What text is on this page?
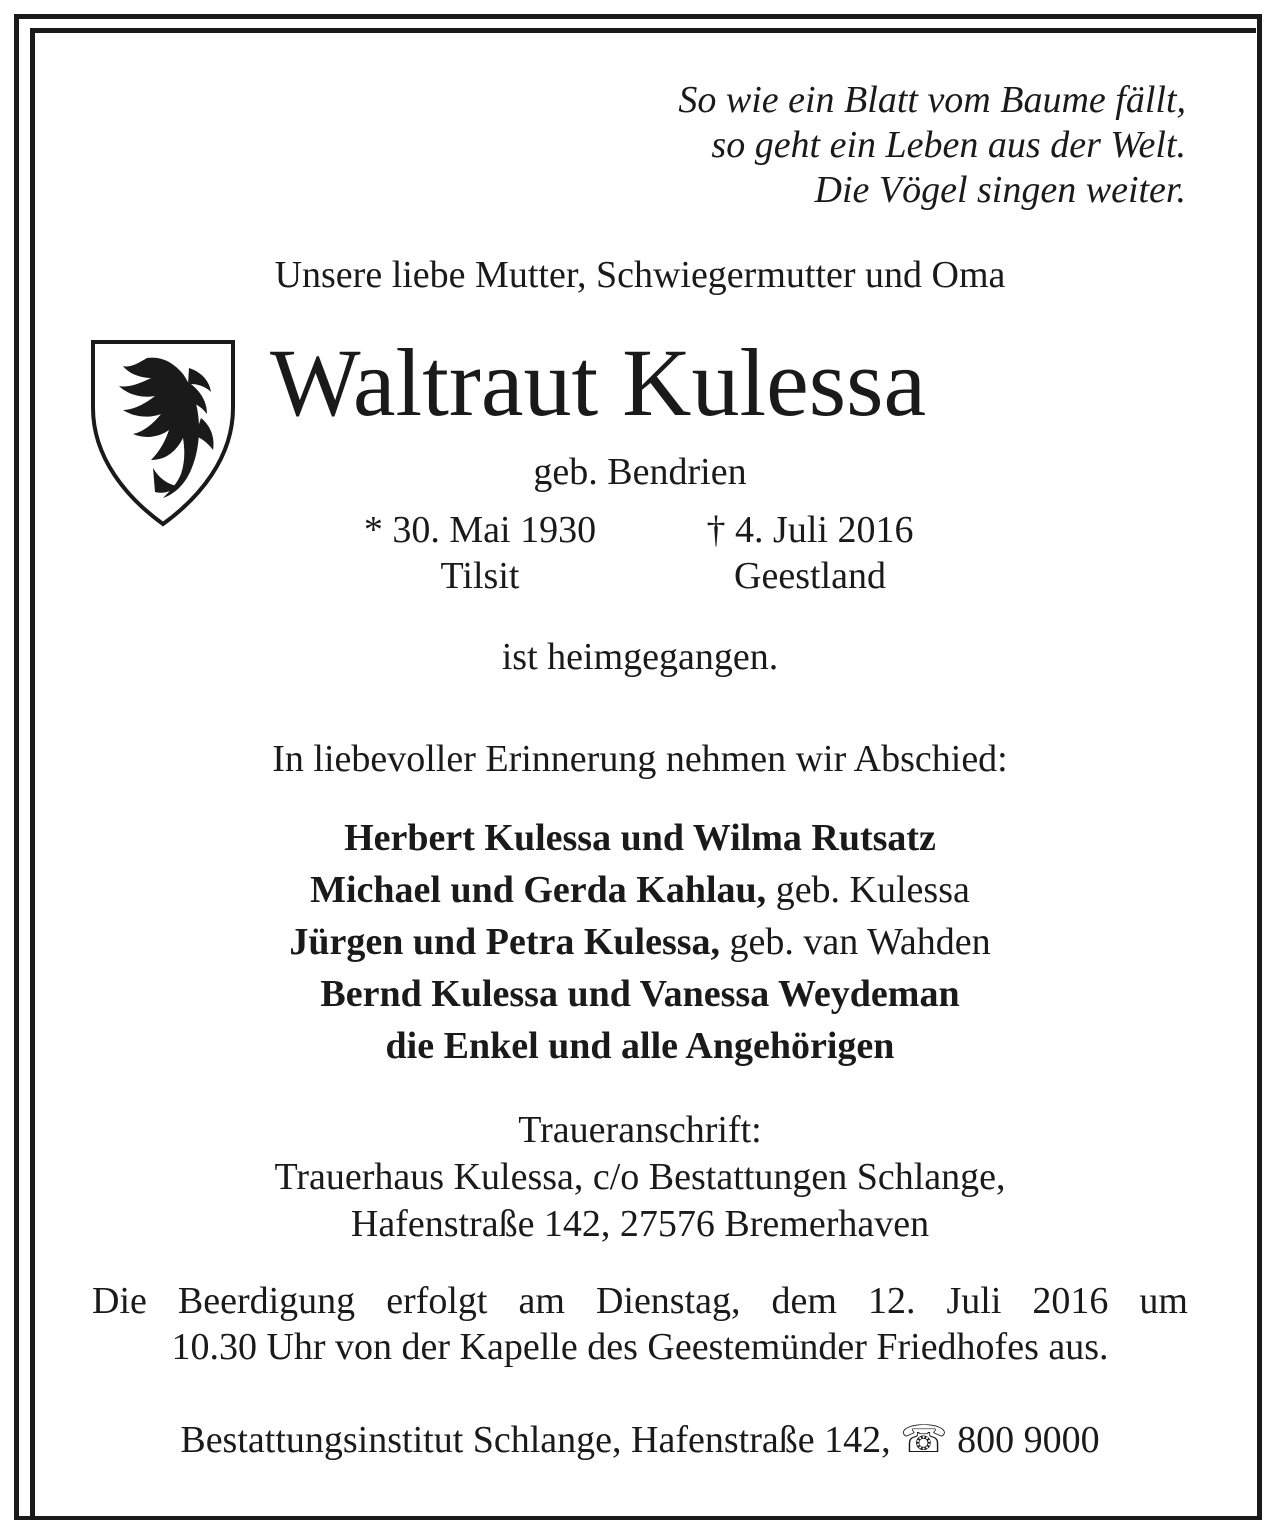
So wie ein Blatt vom Baume fällt,
so geht ein Leben aus der Welt.
Die Vögel singen weiter.
Unsere liebe Mutter, Schwiegermutter und Oma
Waltraut Kulessa
geb. Bendrien
* 30. Mai 1930
Tilsit
† 4. Juli 2016
Geestland
ist heimgegangen.
In liebevoller Erinnerung nehmen wir Abschied:
Herbert Kulessa und Wilma Rutsatz
Michael und Gerda Kahlau, geb. Kulessa
Jürgen und Petra Kulessa, geb. van Wahden
Bernd Kulessa und Vanessa Weydeman
die Enkel und alle Angehörigen
Traueranschrift:
Trauerhaus Kulessa, c/o Bestattungen Schlange,
Hafenstraße 142, 27576 Bremerhaven
Die Beerdigung erfolgt am Dienstag, dem 12. Juli 2016 um
10.30 Uhr von der Kapelle des Geestemünder Friedhofes aus.
Bestattungsinstitut Schlange, Hafenstraße 142, ☏ 800 9000
